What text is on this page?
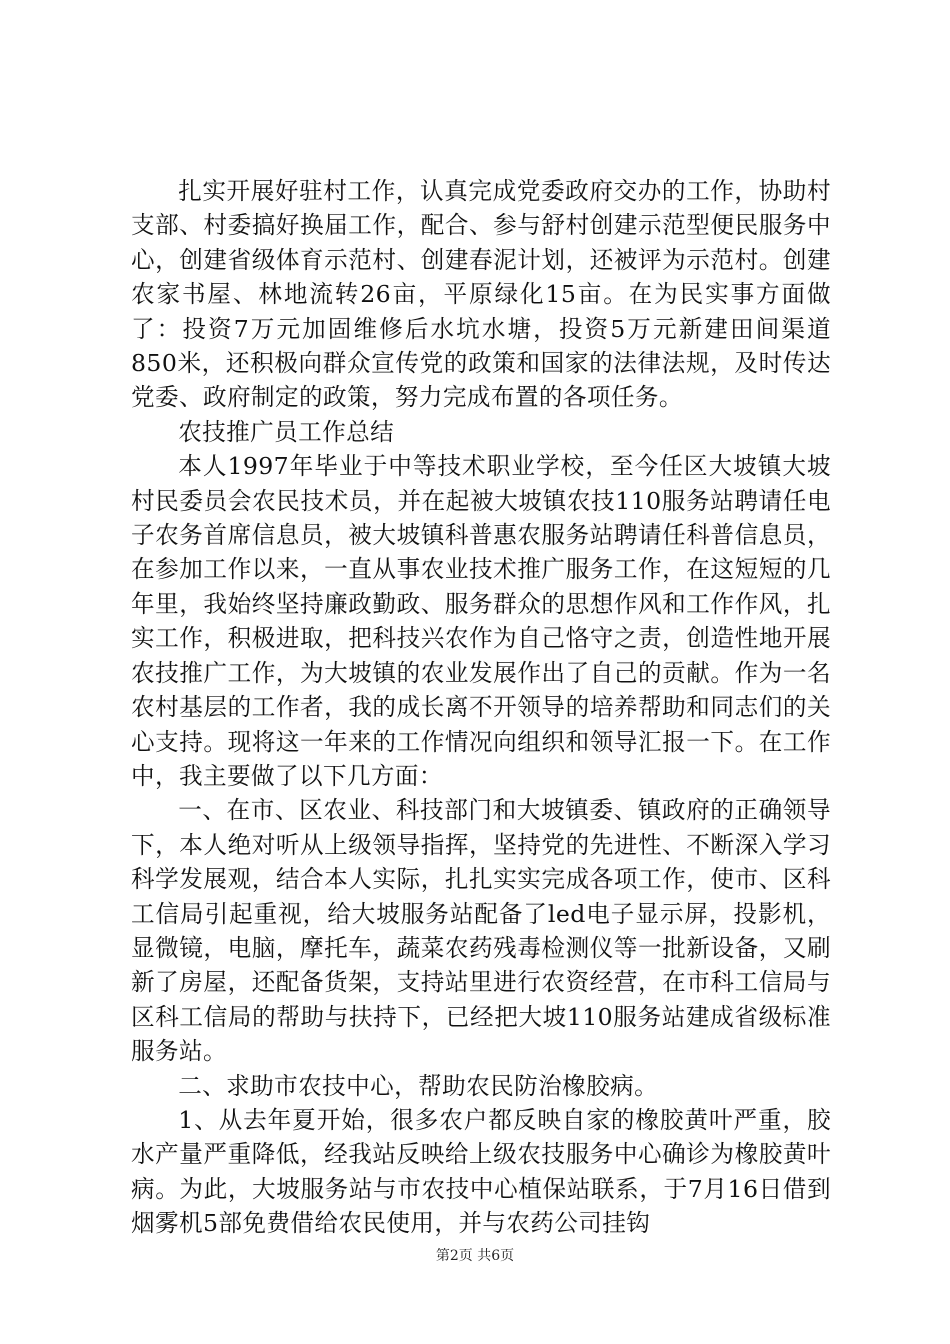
扎实开展好驻村工作，认真完成党委政府交办的工作，协助村支部、村委搞好换届工作，配合、参与舒村创建示范型便民服务中心，创建省级体育示范村、创建春泥计划，还被评为示范村。创建农家书屋、林地流转26亩，平原绿化15亩。在为民实事方面做了：投资7万元加固维修后水坑水塘，投资5万元新建田间渠道850米，还积极向群众宣传党的政策和国家的法律法规，及时传达党委、政府制定的政策，努力完成布置的各项任务。

农技推广员工作总结

本人1997年毕业于中等技术职业学校，至今任区大坡镇大坡村民委员会农民技术员，并在起被大坡镇农技110服务站聘请任电子农务首席信息员，被大坡镇科普惠农服务站聘请任科普信息员，在参加工作以来，一直从事农业技术推广服务工作，在这短短的几年里，我始终坚持廉政勤政、服务群众的思想作风和工作作风，扎实工作，积极进取，把科技兴农作为自己恪守之责，创造性地开展农技推广工作，为大坡镇的农业发展作出了自己的贡献。作为一名农村基层的工作者，我的成长离不开领导的培养帮助和同志们的关心支持。现将这一年来的工作情况向组织和领导汇报一下。在工作中，我主要做了以下几方面：

一、在市、区农业、科技部门和大坡镇委、镇政府的正确领导下，本人绝对听从上级领导指挥，坚持党的先进性、不断深入学习科学发展观，结合本人实际，扎扎实实完成各项工作，使市、区科工信局引起重视，给大坡服务站配备了led电子显示屏，投影机，显微镜，电脑，摩托车，蔬菜农药残毒检测仪等一批新设备，又刷新了房屋，还配备货架，支持站里进行农资经营，在市科工信局与区科工信局的帮助与扶持下，已经把大坡110服务站建成省级标准服务站。

二、求助市农技中心，帮助农民防治橡胶病。

1、从去年夏开始，很多农户都反映自家的橡胶黄叶严重，胶水产量严重降低，经我站反映给上级农技服务中心确诊为橡胶黄叶病。为此，大坡服务站与市农技中心植保站联系，于7月16日借到烟雾机5部免费借给农民使用，并与农药公司挂钩

第2页 共6页
